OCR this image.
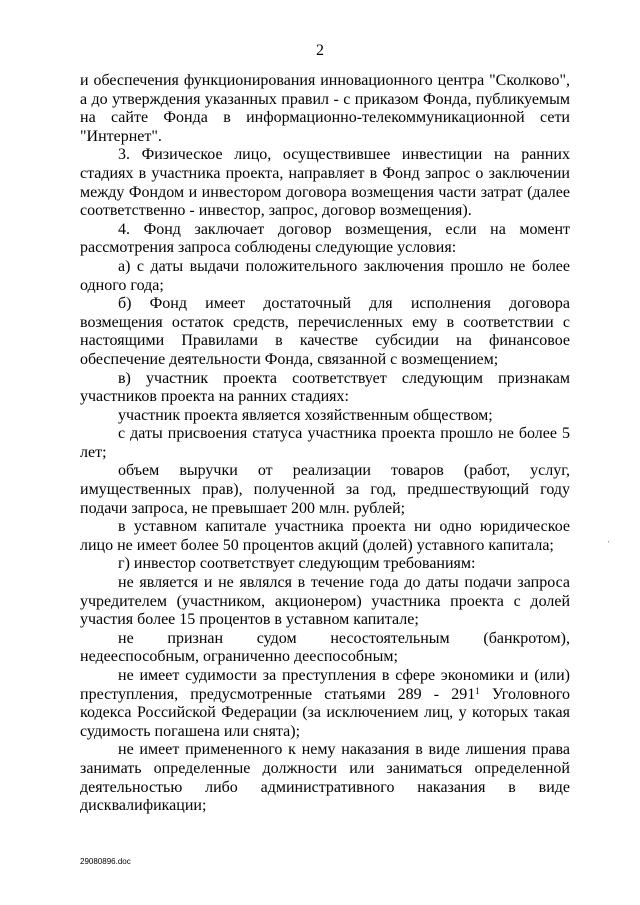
2

и обеспечения функционирования инновационного центра "Сколково", а до утверждения указанных правил - с приказом Фонда, публикуемым на сайте Фонда в информационно-телекоммуникационной сети "Интернет".

3. Физическое лицо, осуществившее инвестиции на ранних стадиях в участника проекта, направляет в Фонд запрос о заключении между Фондом и инвестором договора возмещения части затрат (далее соответственно - инвестор, запрос, договор возмещения).

4. Фонд заключает договор возмещения, если на момент рассмотрения запроса соблюдены следующие условия:

а) с даты выдачи положительного заключения прошло не более одного года;

б) Фонд имеет достаточный для исполнения договора возмещения остаток средств, перечисленных ему в соответствии с настоящими Правилами в качестве субсидии на финансовое обеспечение деятельности Фонда, связанной с возмещением;

в) участник проекта соответствует следующим признакам участников проекта на ранних стадиях:

участник проекта является хозяйственным обществом;

с даты присвоения статуса участника проекта прошло не более 5 лет;

объем выручки от реализации товаров (работ, услуг, имущественных прав), полученной за год, предшествующий году подачи запроса, не превышает 200 млн. рублей;

в уставном капитале участника проекта ни одно юридическое лицо не имеет более 50 процентов акций (долей) уставного капитала;

г) инвестор соответствует следующим требованиям:

не является и не являлся в течение года до даты подачи запроса учредителем (участником, акционером) участника проекта с долей участия более 15 процентов в уставном капитале;

не признан судом несостоятельным (банкротом), недееспособным, ограниченно дееспособным;

не имеет судимости за преступления в сфере экономики и (или) преступления, предусмотренные статьями $289 - 291^1$ Уголовного кодекса Российской Федерации (за исключением лиц, у которых такая судимость погашена или снята);

не имеет примененного к нему наказания в виде лишения права занимать определенные должности или заниматься определенной деятельностью либо административного наказания в виде дисквалификации;

'
29080896.doc
